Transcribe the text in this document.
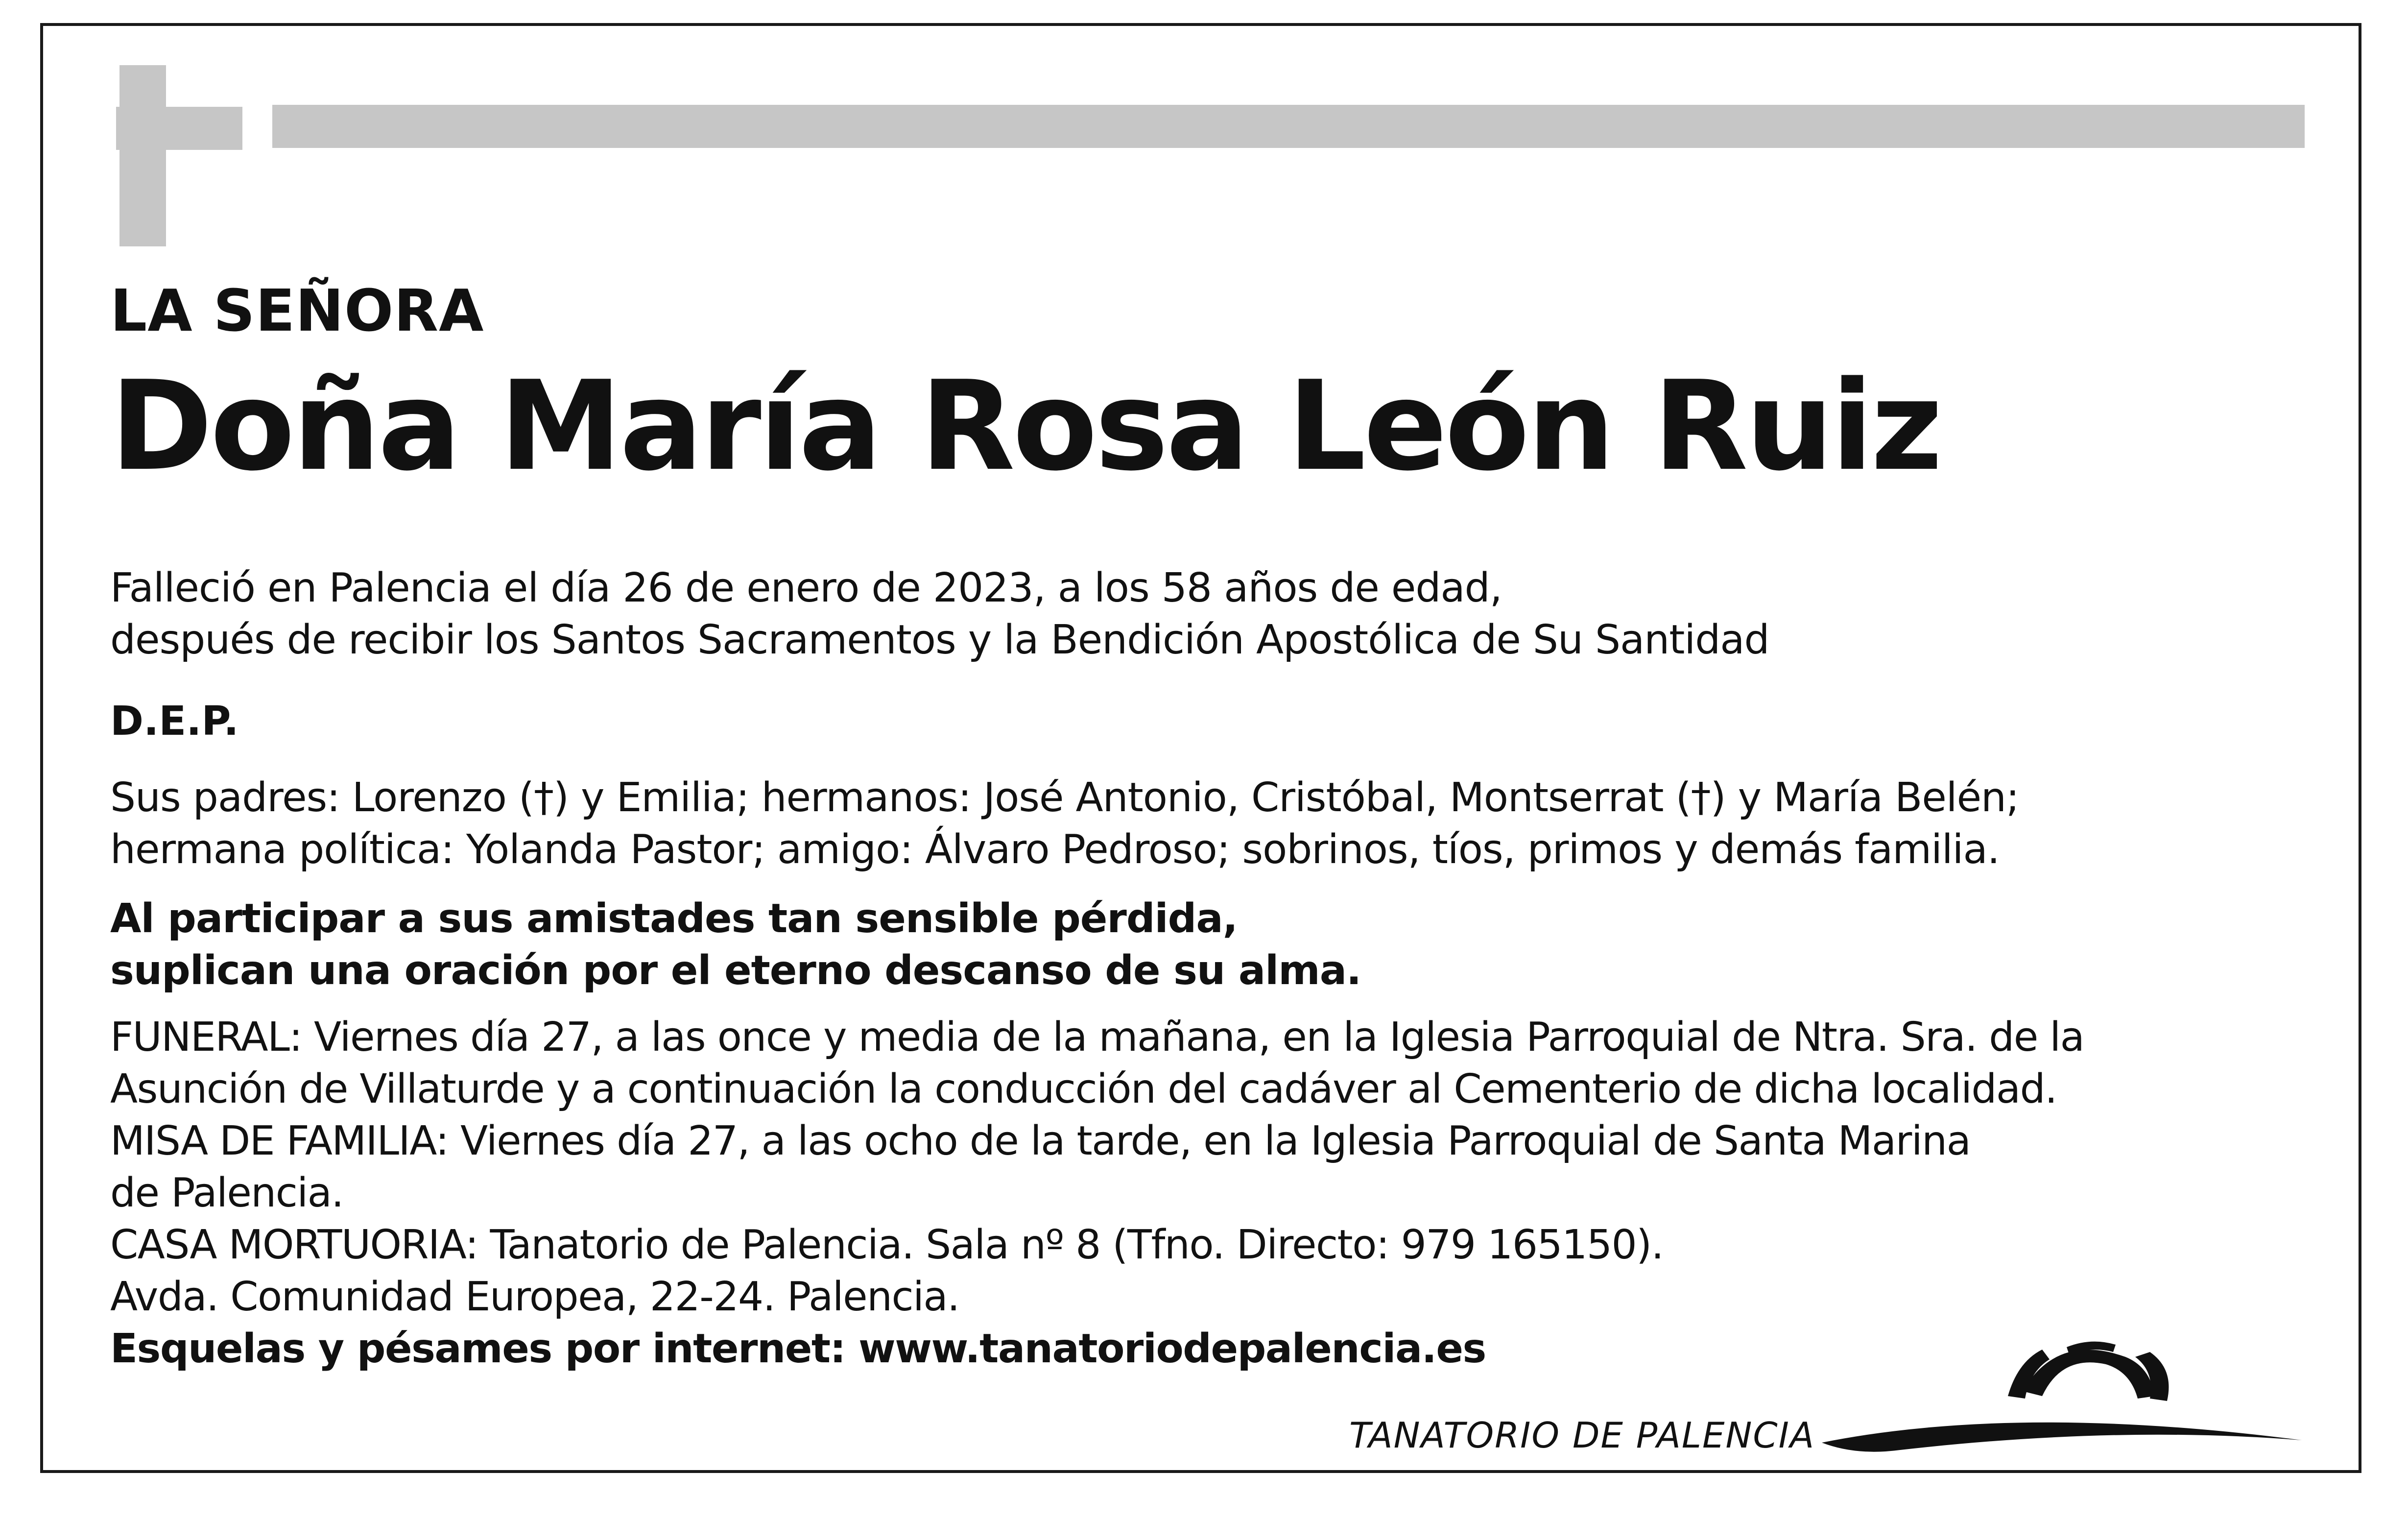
LA SEÑORA
Doña María Rosa León Ruiz
Falleció en Palencia el día 26 de enero de 2023, a los 58 años de edad,
después de recibir los Santos Sacramentos y la Bendición Apostólica de Su Santidad
D.E.P.
Sus padres: Lorenzo (†) y Emilia; hermanos: José Antonio, Cristóbal, Montserrat (†) y María Belén;
hermana política: Yolanda Pastor; amigo: Álvaro Pedroso; sobrinos, tíos, primos y demás familia.
Al participar a sus amistades tan sensible pérdida,
suplican una oración por el eterno descanso de su alma.
FUNERAL: Viernes día 27, a las once y media de la mañana, en la Iglesia Parroquial de Ntra. Sra. de la
Asunción de Villaturde y a continuación la conducción del cadáver al Cementerio de dicha localidad.
MISA DE FAMILIA: Viernes día 27, a las ocho de la tarde, en la Iglesia Parroquial de Santa Marina
de Palencia.
CASA MORTUORIA: Tanatorio de Palencia. Sala nº 8 (Tfno. Directo: 979 165150).
Avda. Comunidad Europea, 22-24. Palencia.
Esquelas y pésames por internet: www.tanatoriodepalencia.es
TANATORIO DE PALENCIA
